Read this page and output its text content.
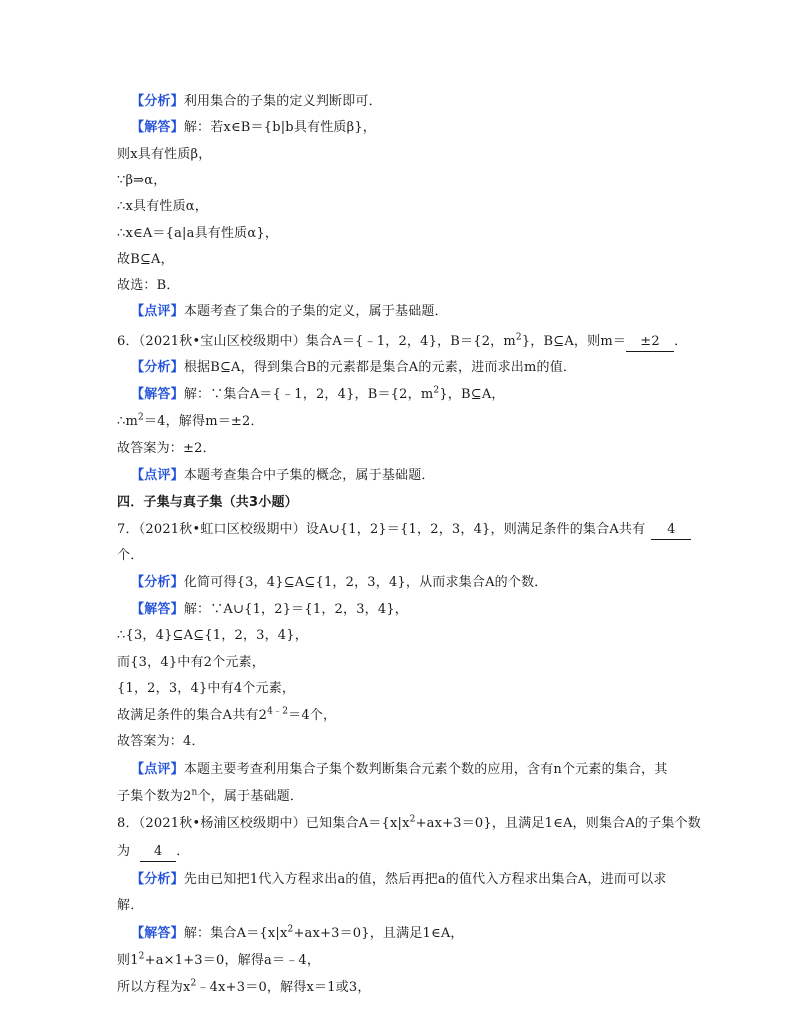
【分析】利用集合的子集的定义判断即可．
【解答】解：若x∈B＝{b|b具有性质β}，
则x具有性质β，
∵β⇒α，
∴x具有性质α，
∴x∈A＝{a|a具有性质α}，
故B⊆A，
故选：B．
【点评】本题考查了集合的子集的定义，属于基础题．
6．（2021秋•宝山区校级期中）集合A＝{﹣1，2，4}，B＝{2，$m^2$}，B⊆A，则m＝ ±2 ．
【分析】根据B⊆A，得到集合B的元素都是集合A的元素，进而求出m的值．
【解答】解：∵集合A＝{﹣1，2，4}，B＝{2，$m^2$}，B⊆A，
$\therefore m^2=4$，解得m＝±2．
故答案为：±2．
【点评】本题考查集合中子集的概念，属于基础题．
四．子集与真子集（共3小题）
7．（2021秋•虹口区校级期中）设A∪{1，2}＝{1，2，3，4}，则满足条件的集合A共有 4
个．
【分析】化简可得{3，4}⊆A⊆{1，2，3，4}，从而求集合A的个数．
【解答】解：∵A∪{1，2}＝{1，2，3，4}，
∴{3，4}⊆A⊆{1，2，3，4}，
而{3，4}中有2个元素，
{1，2，3，4}中有4个元素，
故满足条件的集合A共有$2^{4﹣2}=4$个，
故答案为：4．
【点评】本题主要考查利用集合子集个数判断集合元素个数的应用，含有n个元素的集合，其
子集个数为2$^n$个，属于基础题．
8．（2021秋•杨浦区校级期中）已知集合$A=\{x|x^2+ax+3=0\}$，且满足1∈A，则集合A的子集个数
为 4 ．
【分析】先由已知把1代入方程求出a的值，然后再把a的值代入方程求出集合A，进而可以求
解．
【解答】解：集合$A=\{x|x^2+ax+3=0\}$，且满足1∈A，
则$1^2+a\times 1+3=0$，解得a＝﹣4，
所以方程为$x^2﹣4x+3=0$，解得x＝1或3，
